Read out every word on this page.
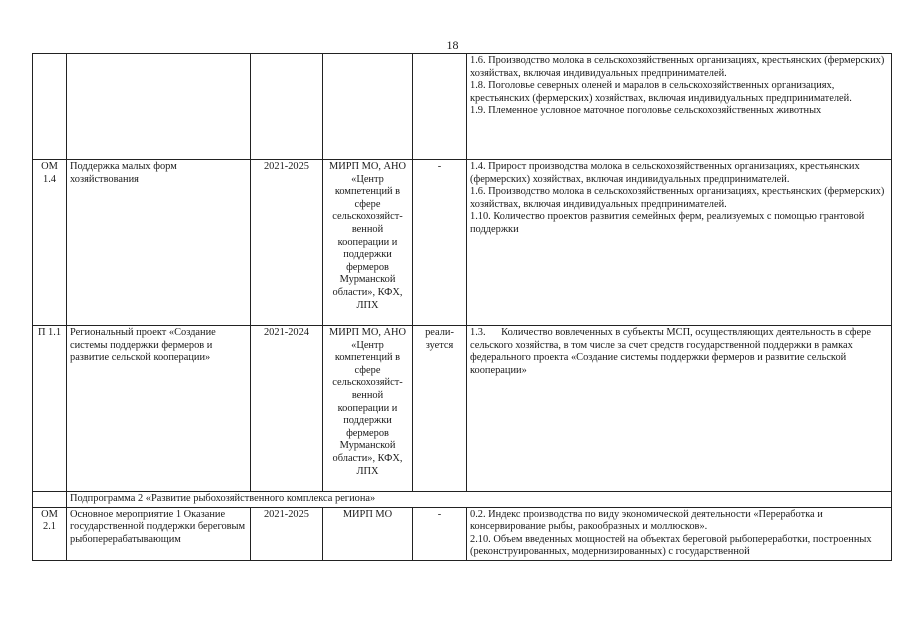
18

					1.6. Производство молока в сельскохозяйственных организациях, крестьянских (фермерских) хозяйствах, включая индивидуальных предпринимателей.
1.8. Поголовье северных оленей и маралов в сельскохозяйственных организациях, крестьянских (фермерских) хозяйствах, включая индивидуальных предпринимателей.
1.9. Племенное условное маточное поголовье сельскохозяйственных животных

ОМ 1.4	Поддержка малых форм хозяйствования	2021-2025	МИРП МО, АНО «Центр компетенций в сфере сельскохозяйст-венной кооперации и поддержки фермеров Мурманской области», КФХ, ЛПХ	-	1.4. Прирост производства молока в сельскохозяйственных организациях, крестьянских (фермерских) хозяйствах, включая индивидуальных предпринимателей.
1.6. Производство молока в сельскохозяйственных организациях, крестьянских (фермерских) хозяйствах, включая индивидуальных предпринимателей.
1.10. Количество проектов развития семейных ферм, реализуемых с помощью грантовой поддержки

П 1.1	Региональный проект «Создание системы поддержки фермеров и развитие сельской кооперации»	2021-2024	МИРП МО, АНО «Центр компетенций в сфере сельскохозяйст-венной кооперации и поддержки фермеров Мурманской области», КФХ, ЛПХ	реали-зуется	1.3.      Количество вовлеченных в субъекты МСП, осуществляющих деятельность в сфере сельского хозяйства, в том числе за счет средств государственной поддержки в рамках федерального проекта «Создание системы поддержки фермеров и развитие сельской кооперации»

	Подпрограмма 2 «Развитие рыбохозяйственного комплекса региона»				
ОМ 2.1	Основное мероприятие 1 Оказание государственной поддержки береговым рыбоперерабатывающим	2021-2025	МИРП МО	-	0.2. Индекс производства по виду экономической деятельности «Переработка и консервирование рыбы, ракообразных и моллюсков».
2.10. Объем введенных мощностей на объектах береговой рыбопереработки, построенных (реконструированных, модернизированных) с государственной
